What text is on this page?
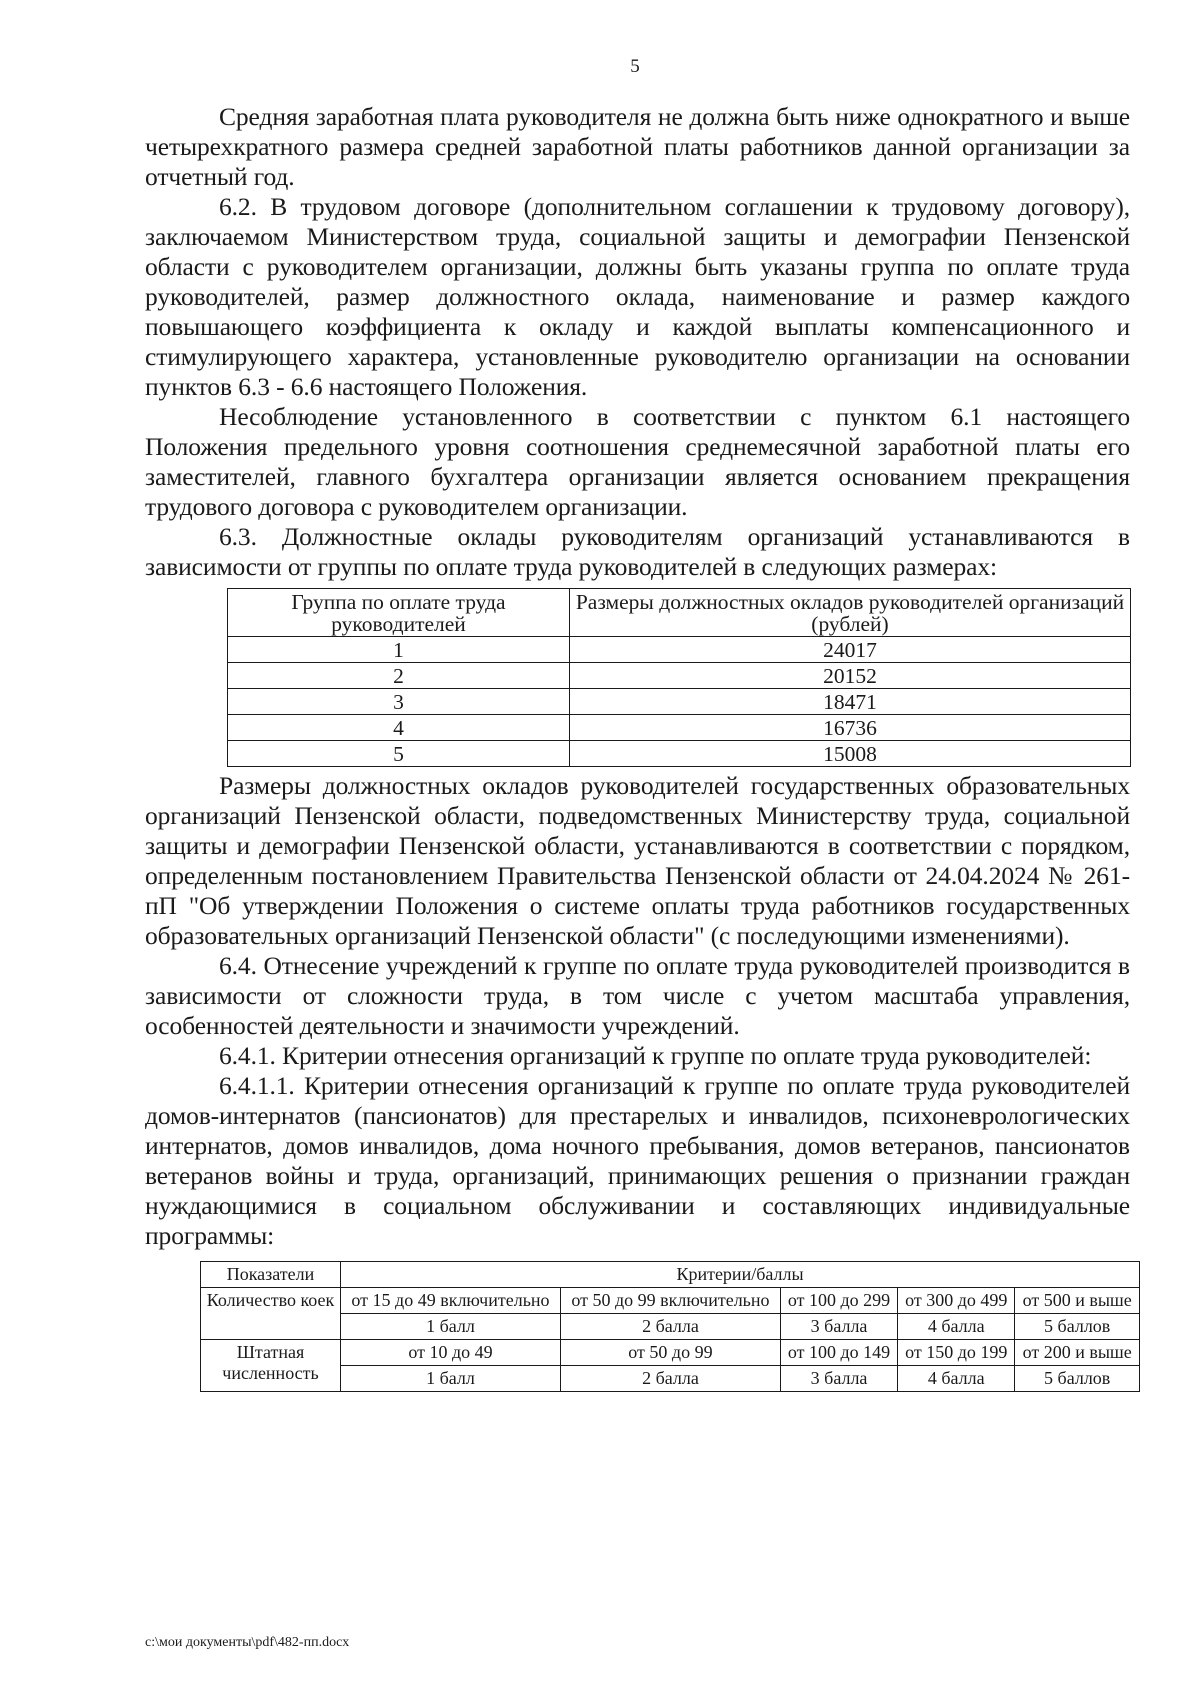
5

Средняя заработная плата руководителя не должна быть ниже однократного и выше четырехкратного размера средней заработной платы работников данной организации за отчетный год.

6.2. В трудовом договоре (дополнительном соглашении к трудовому договору), заключаемом Министерством труда, социальной защиты и демографии Пензенской области с руководителем организации, должны быть указаны группа по оплате труда руководителей, размер должностного оклада, наименование и размер каждого повышающего коэффициента к окладу и каждой выплаты компенсационного и стимулирующего характера, установленные руководителю организации на основании пунктов 6.3 - 6.6 настоящего Положения.

Несоблюдение установленного в соответствии с пунктом 6.1 настоящего Положения предельного уровня соотношения среднемесячной заработной платы его заместителей, главного бухгалтера организации является основанием прекращения трудового договора с руководителем организации.

6.3. Должностные оклады руководителям организаций устанавливаются в зависимости от группы по оплате труда руководителей в следующих размерах:

Группа по оплате труда руководителей	Размеры должностных окладов руководителей организаций (рублей)
1	24017
2	20152
3	18471
4	16736
5	15008

Размеры должностных окладов руководителей государственных образовательных организаций Пензенской области, подведомственных Министерству труда, социальной защиты и демографии Пензенской области, устанавливаются в соответствии с порядком, определенным постановлением Правительства Пензенской области от 24.04.2024 № 261-пП "Об утверждении Положения о системе оплаты труда работников государственных образовательных организаций Пензенской области" (с последующими изменениями).

6.4. Отнесение учреждений к группе по оплате труда руководителей производится в зависимости от сложности труда, в том числе с учетом масштаба управления, особенностей деятельности и значимости учреждений.

6.4.1. Критерии отнесения организаций к группе по оплате труда руководителей:

6.4.1.1. Критерии отнесения организаций к группе по оплате труда руководителей домов-интернатов (пансионатов) для престарелых и инвалидов, психоневрологических интернатов, домов инвалидов, дома ночного пребывания, домов ветеранов, пансионатов ветеранов войны и труда, организаций, принимающих решения о признании граждан нуждающимися в социальном обслуживании и составляющих индивидуальные программы:

Показатели	Критерии/баллы				
Количество коек	от 15 до 49 включительно	от 50 до 99 включительно	от 100 до 299	от 300 до 499	от 500 и выше
	1 балл	2 балла	3 балла	4 балла	5 баллов
Штатная численность	от 10 до 49	от 50 до 99	от 100 до 149	от 150 до 199	от 200 и выше
	1 балл	2 балла	3 балла	4 балла	5 баллов
c:\мои документы\pdf\482-пп.docx
